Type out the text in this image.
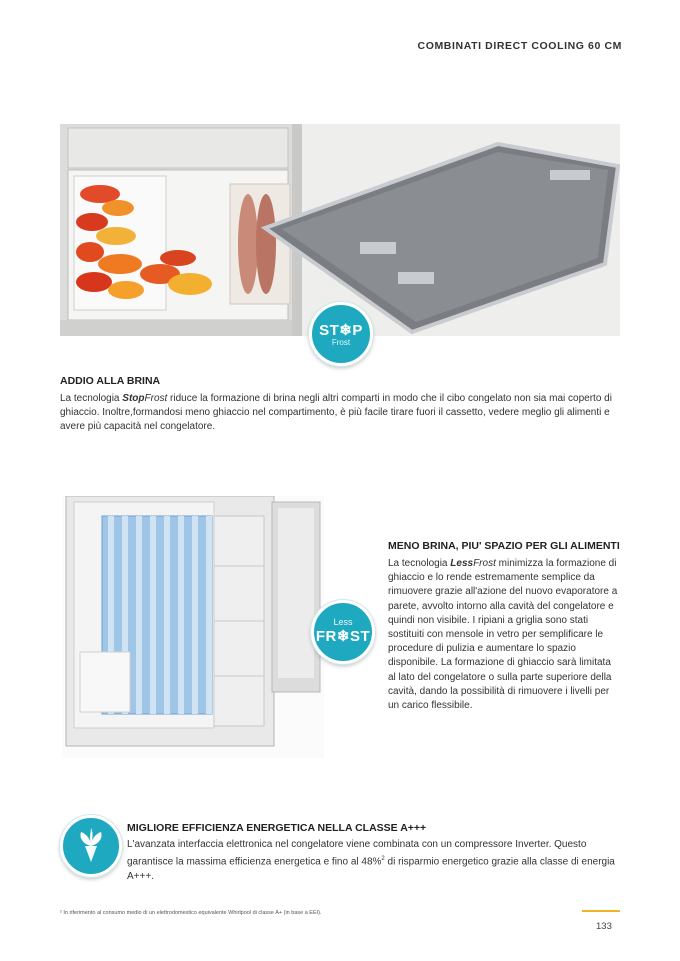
COMBINATI DIRECT COOLING 60 CM
ST❄P
Frost
ADDIO ALLA BRINA

La tecnologia StopFrost riduce la formazione di brina negli altri comparti in modo che il cibo congelato non sia mai coperto di ghiaccio. Inoltre,formandosi meno ghiaccio nel compartimento, è più facile tirare fuori il cassetto, vedere meglio gli alimenti e avere più capacità nel congelatore.

Less
FR❄ST
MENO BRINA, PIU' SPAZIO PER GLI ALIMENTI

La tecnologia LessFrost minimizza la formazione di ghiaccio e lo rende estremamente semplice da rimuovere grazie all'azione del nuovo evaporatore a parete, avvolto intorno alla cavità del congelatore e quindi non visibile. I ripiani a griglia sono stati sostituiti con mensole in vetro per semplificare le procedure di pulizia e aumentare lo spazio disponibile. La formazione di ghiaccio sarà limitata al lato del congelatore o sulla parte superiore della cavità, dando la possibilità di rimuovere i livelli per un carico flessibile.

MIGLIORE EFFICIENZA ENERGETICA NELLA CLASSE A+++

L'avanzata interfaccia elettronica nel congelatore viene combinata con un compressore Inverter. Questo garantisce la massima efficienza energetica e fino al 48%$^2$ di risparmio energetico grazie alla classe di energia A+++.

² In riferimento al consumo medio di un elettrodomestico equivalente Whirlpool di classe A+ (in base a EEI).
133
